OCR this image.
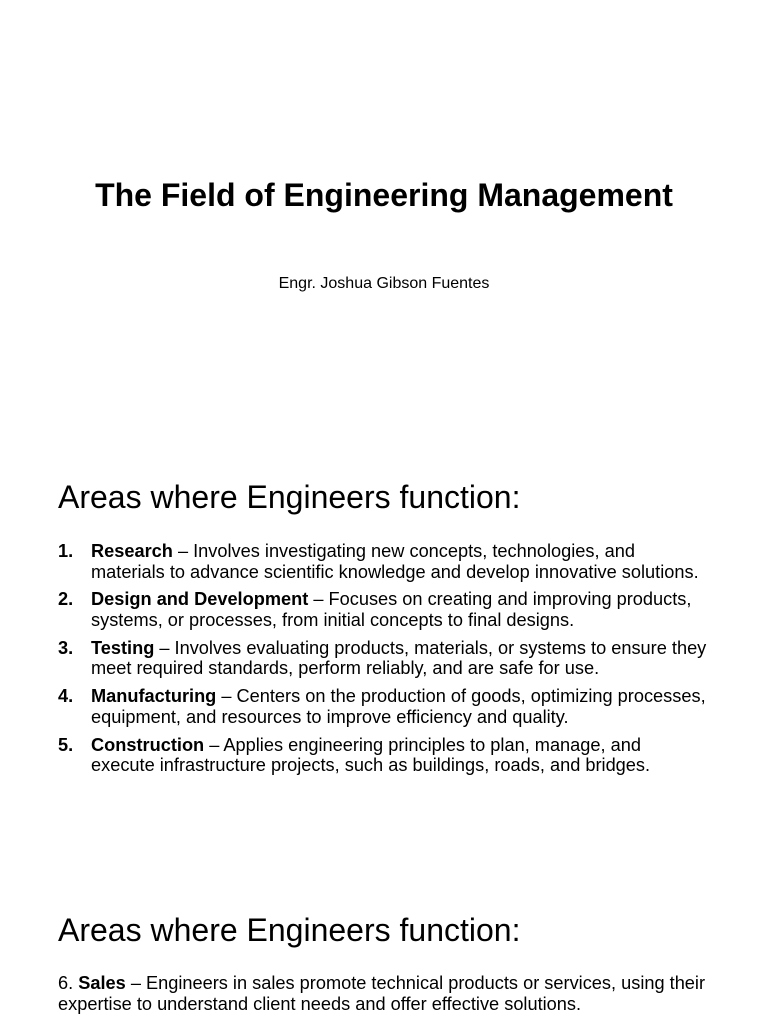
The Field of Engineering Management

Engr. Joshua Gibson Fuentes

Areas where Engineers function:
1. Research – Involves investigating new concepts, technologies, and materials to advance scientific knowledge and develop innovative solutions.
2. Design and Development – Focuses on creating and improving products, systems, or processes, from initial concepts to final designs.
3. Testing – Involves evaluating products, materials, or systems to ensure they meet required standards, perform reliably, and are safe for use.
4. Manufacturing – Centers on the production of goods, optimizing processes, equipment, and resources to improve efficiency and quality.
5. Construction – Applies engineering principles to plan, manage, and execute infrastructure projects, such as buildings, roads, and bridges.
Areas where Engineers function:

6. Sales – Engineers in sales promote technical products or services, using their expertise to understand client needs and offer effective solutions.
